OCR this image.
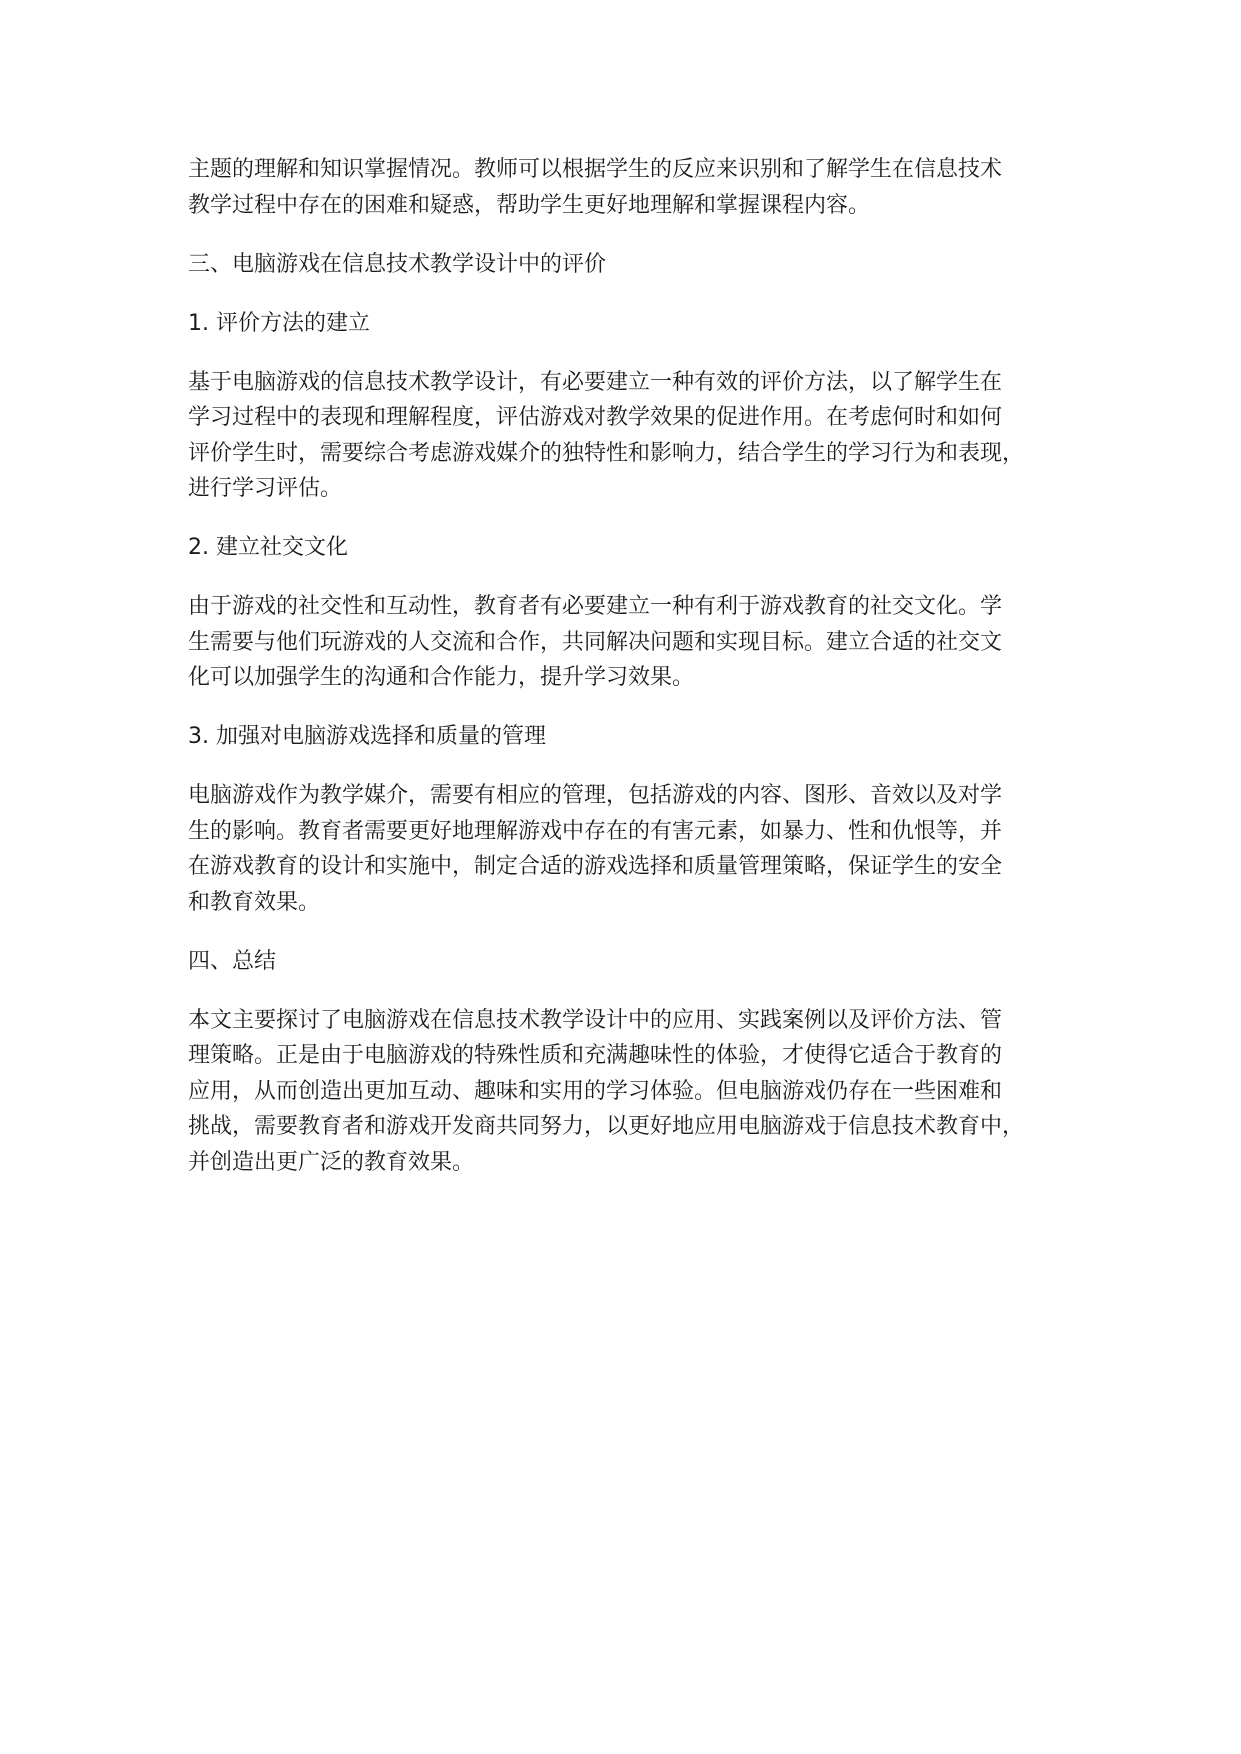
主题的理解和知识掌握情况。教师可以根据学生的反应来识别和了解学生在信息技术
教学过程中存在的困难和疑惑，帮助学生更好地理解和掌握课程内容。

三、电脑游戏在信息技术教学设计中的评价

1. 评价方法的建立

基于电脑游戏的信息技术教学设计，有必要建立一种有效的评价方法，以了解学生在
学习过程中的表现和理解程度，评估游戏对教学效果的促进作用。在考虑何时和如何
评价学生时，需要综合考虑游戏媒介的独特性和影响力，结合学生的学习行为和表现，
进行学习评估。

2. 建立社交文化

由于游戏的社交性和互动性，教育者有必要建立一种有利于游戏教育的社交文化。学
生需要与他们玩游戏的人交流和合作，共同解决问题和实现目标。建立合适的社交文
化可以加强学生的沟通和合作能力，提升学习效果。

3. 加强对电脑游戏选择和质量的管理

电脑游戏作为教学媒介，需要有相应的管理，包括游戏的内容、图形、音效以及对学
生的影响。教育者需要更好地理解游戏中存在的有害元素，如暴力、性和仇恨等，并
在游戏教育的设计和实施中，制定合适的游戏选择和质量管理策略，保证学生的安全
和教育效果。

四、总结

本文主要探讨了电脑游戏在信息技术教学设计中的应用、实践案例以及评价方法、管
理策略。正是由于电脑游戏的特殊性质和充满趣味性的体验，才使得它适合于教育的
应用，从而创造出更加互动、趣味和实用的学习体验。但电脑游戏仍存在一些困难和
挑战，需要教育者和游戏开发商共同努力，以更好地应用电脑游戏于信息技术教育中，
并创造出更广泛的教育效果。
